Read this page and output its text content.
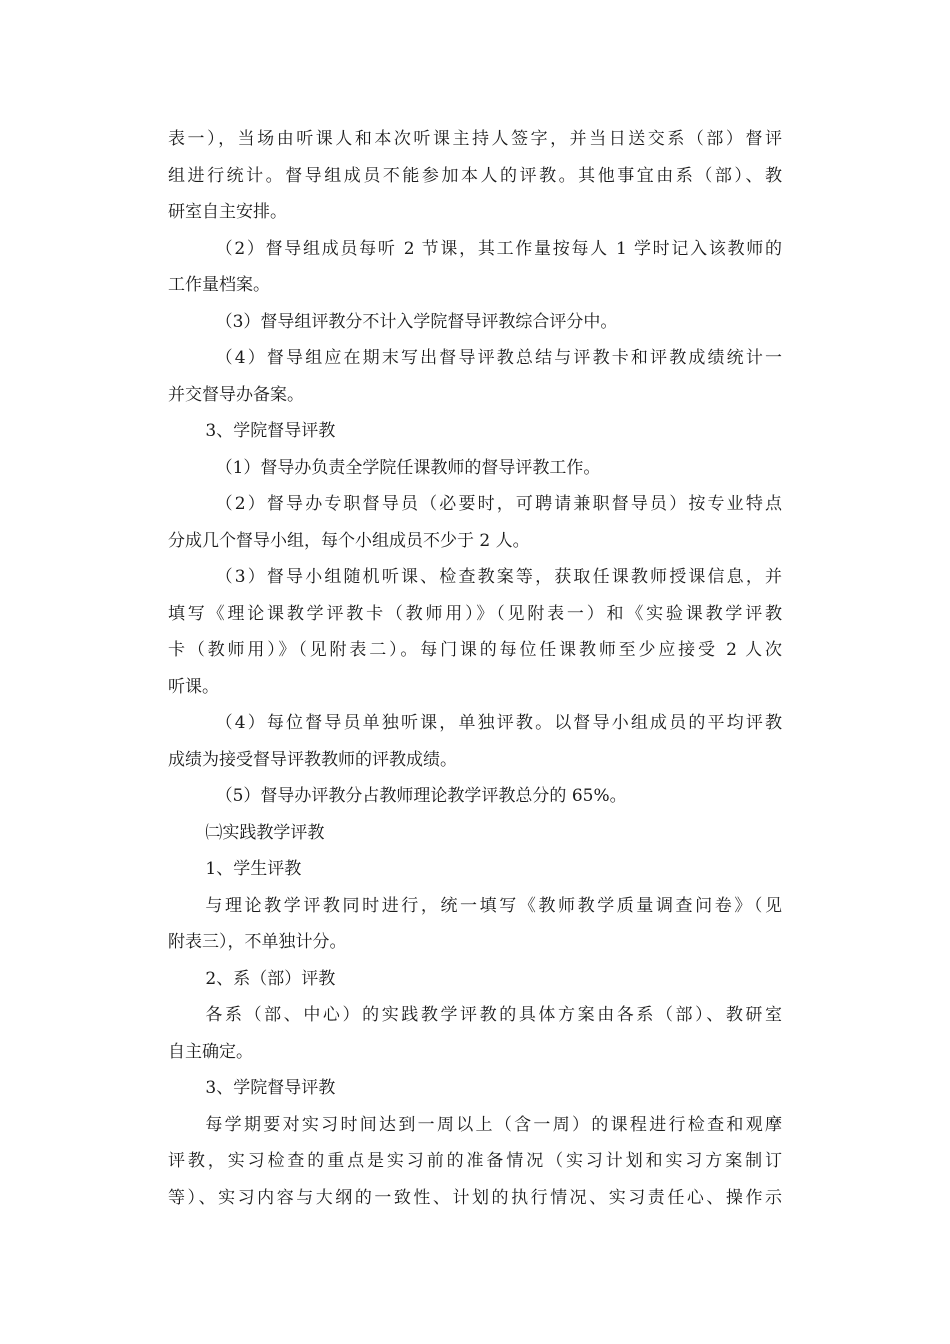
表一），当场由听课人和本次听课主持人签字，并当日送交系（部）督评
组进行统计。督导组成员不能参加本人的评教。其他事宜由系（部）、教
研室自主安排。

（2）督导组成员每听 2 节课，其工作量按每人 1 学时记入该教师的
工作量档案。

（3）督导组评教分不计入学院督导评教综合评分中。

（4）督导组应在期末写出督导评教总结与评教卡和评教成绩统计一
并交督导办备案。

3、学院督导评教

（1）督导办负责全学院任课教师的督导评教工作。

（2）督导办专职督导员（必要时，可聘请兼职督导员）按专业特点
分成几个督导小组，每个小组成员不少于 2 人。

（3）督导小组随机听课、检查教案等，获取任课教师授课信息，并
填写《理论课教学评教卡（教师用）》（见附表一）和《实验课教学评教
卡（教师用）》（见附表二）。每门课的每位任课教师至少应接受 2 人次
听课。

（4）每位督导员单独听课，单独评教。以督导小组成员的平均评教
成绩为接受督导评教教师的评教成绩。

（5）督导办评教分占教师理论教学评教总分的 65%。

㈡实践教学评教

1、学生评教

与理论教学评教同时进行，统一填写《教师教学质量调查问卷》（见
附表三），不单独计分。

2、系（部）评教

各系（部、中心）的实践教学评教的具体方案由各系（部）、教研室
自主确定。

3、学院督导评教

每学期要对实习时间达到一周以上（含一周）的课程进行检查和观摩
评教，实习检查的重点是实习前的准备情况（实习计划和实习方案制订
等）、实习内容与大纲的一致性、计划的执行情况、实习责任心、操作示
